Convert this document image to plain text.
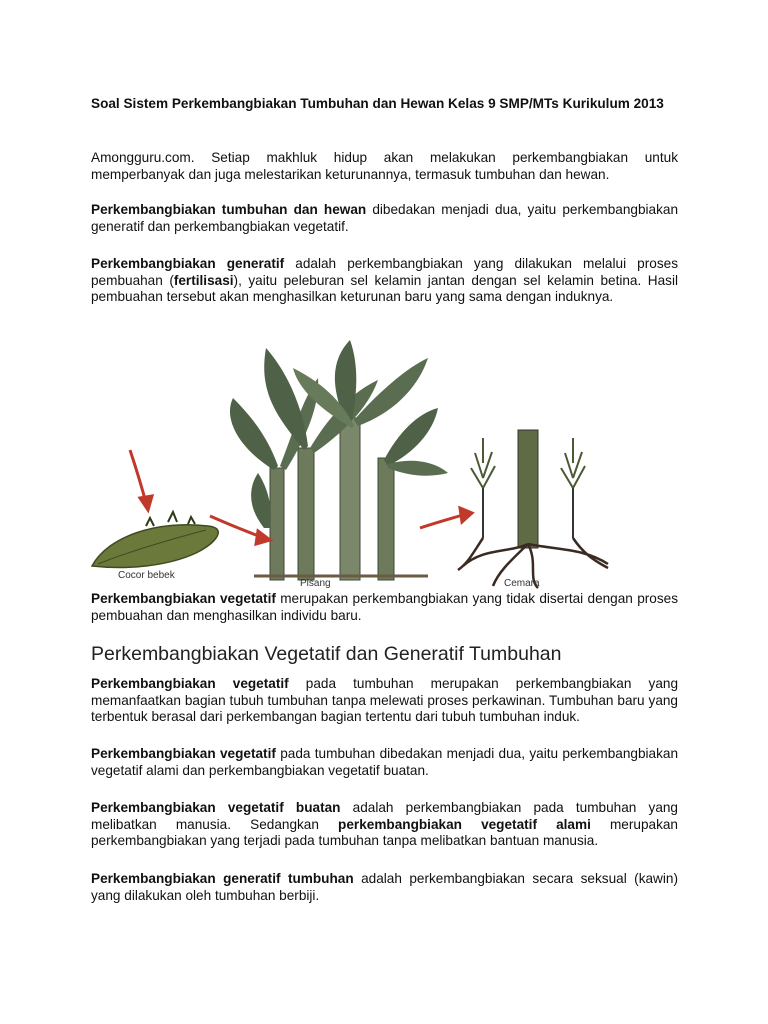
Soal Sistem Perkembangbiakan Tumbuhan dan Hewan Kelas 9 SMP/MTs Kurikulum 2013
Amongguru.com. Setiap makhluk hidup akan melakukan perkembangbiakan untuk memperbanyak dan juga melestarikan keturunannya, termasuk tumbuhan dan hewan.
Perkembangbiakan tumbuhan dan hewan dibedakan menjadi dua, yaitu perkembangbiakan generatif dan perkembangbiakan vegetatif.
Perkembangbiakan generatif adalah perkembangbiakan yang dilakukan melalui proses pembuahan (fertilisasi), yaitu peleburan sel kelamin jantan dengan sel kelamin betina. Hasil pembuahan tersebut akan menghasilkan keturunan baru yang sama dengan induknya.
Cocor bebek
Pisang	Cemara
Perkembangbiakan vegetatif merupakan perkembangbiakan yang tidak disertai dengan proses pembuahan dan menghasilkan individu baru.
Perkembangbiakan Vegetatif dan Generatif Tumbuhan
Perkembangbiakan vegetatif pada tumbuhan merupakan perkembangbiakan yang memanfaatkan bagian tubuh tumbuhan tanpa melewati proses perkawinan. Tumbuhan baru yang terbentuk berasal dari perkembangan bagian tertentu dari tubuh tumbuhan induk.
Perkembangbiakan vegetatif pada tumbuhan dibedakan menjadi dua, yaitu perkembangbiakan vegetatif alami dan perkembangbiakan vegetatif buatan.
Perkembangbiakan vegetatif buatan adalah perkembangbiakan pada tumbuhan yang melibatkan manusia. Sedangkan perkembangbiakan vegetatif alami merupakan perkembangbiakan yang terjadi pada tumbuhan tanpa melibatkan bantuan manusia.
Perkembangbiakan generatif tumbuhan adalah perkembangbiakan secara seksual (kawin) yang dilakukan oleh tumbuhan berbiji.
